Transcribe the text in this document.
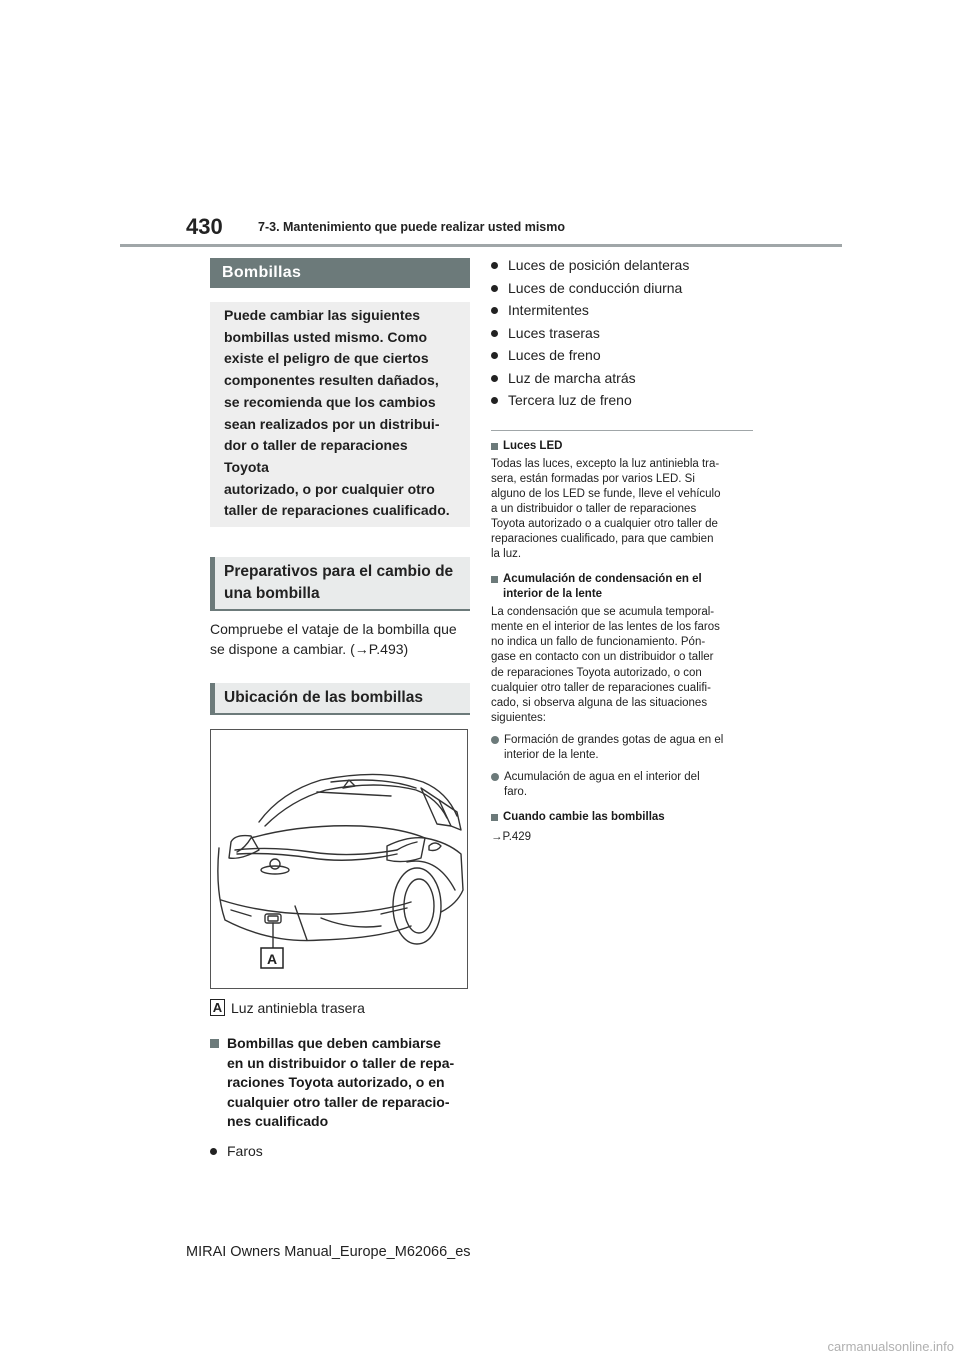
430	7-3. Mantenimiento que puede realizar usted mismo
Bombillas
Puede cambiar las siguientes
bombillas usted mismo. Como
existe el peligro de que ciertos
componentes resulten dañados,
se recomienda que los cambios
sean realizados por un distribui-
dor o taller de reparaciones Toyota
autorizado, o por cualquier otro
taller de reparaciones cualificado.
Preparativos para el cambio de
una bombilla
Compruebe el vataje de la bombilla que
se dispone a cambiar. (→P.493)
Ubicación de las bombillas
A
A Luz antiniebla trasera
Bombillas que deben cambiarse
en un distribuidor o taller de repa-
raciones Toyota autorizado, o en
cualquier otro taller de reparacio-
nes cualificado
Faros
Luces de posición delanteras
Luces de conducción diurna
Intermitentes
Luces traseras
Luces de freno
Luz de marcha atrás
Tercera luz de freno
Luces LED
Todas las luces, excepto la luz antiniebla tra-
sera, están formadas por varios LED. Si
alguno de los LED se funde, lleve el vehículo
a un distribuidor o taller de reparaciones
Toyota autorizado o a cualquier otro taller de
reparaciones cualificado, para que cambien
la luz.
Acumulación de condensación en el
interior de la lente
La condensación que se acumula temporal-
mente en el interior de las lentes de los faros
no indica un fallo de funcionamiento. Pón-
gase en contacto con un distribuidor o taller
de reparaciones Toyota autorizado, o con
cualquier otro taller de reparaciones cualifi-
cado, si observa alguna de las situaciones
siguientes:
Formación de grandes gotas de agua en el
interior de la lente.
Acumulación de agua en el interior del
faro.
Cuando cambie las bombillas
→P.429
MIRAI Owners Manual_Europe_M62066_es
carmanualsonline.info
